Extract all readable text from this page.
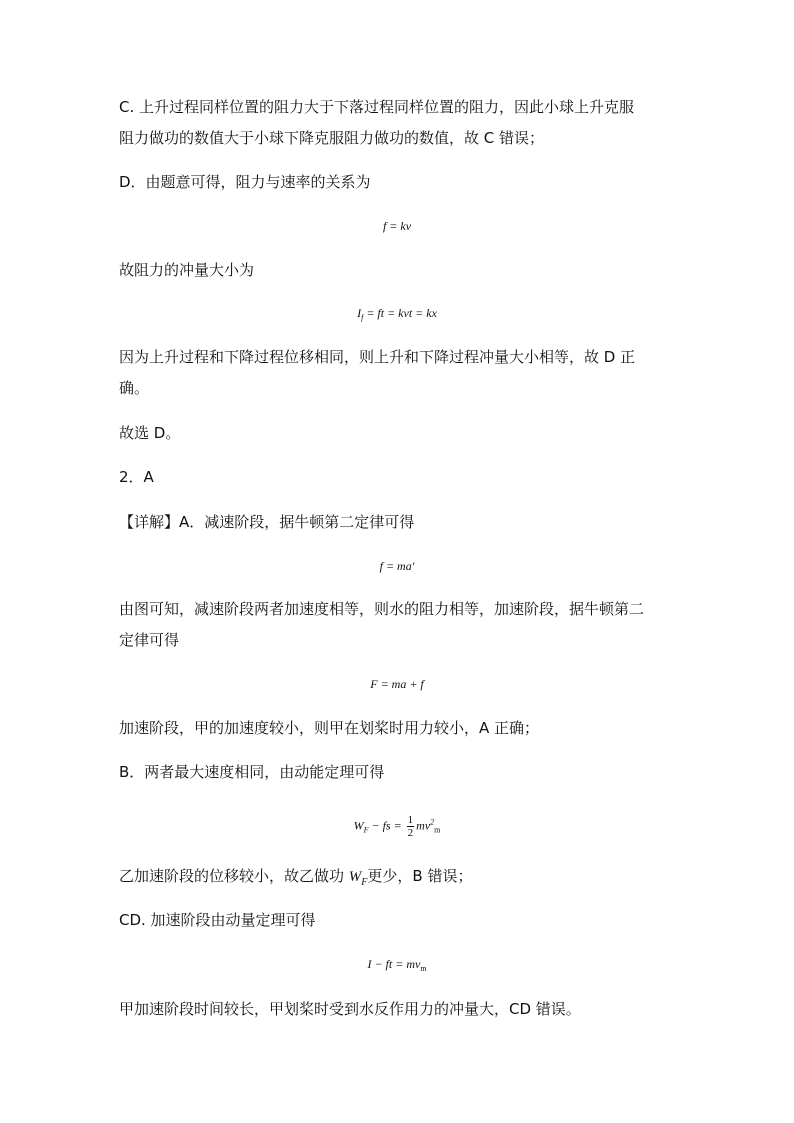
C. 上升过程同样位置的阻力大于下落过程同样位置的阻力，因此小球上升克服
阻力做功的数值大于小球下降克服阻力做功的数值，故 C 错误；
D．由题意可得，阻力与速率的关系为
f = kv
故阻力的冲量大小为
$I_f$ = ft = kvt = kx
因为上升过程和下降过程位移相同，则上升和下降过程冲量大小相等，故 D 正
确。
故选 D。
2．A
【详解】A．减速阶段，据牛顿第二定律可得
f = ma′
由图可知，减速阶段两者加速度相等，则水的阻力相等，加速阶段，据牛顿第二
定律可得
F = ma + f
加速阶段，甲的加速度较小，则甲在划桨时用力较小，A 正确；
B．两者最大速度相同，由动能定理可得
$W_F$ − fs = $\frac{1}{2} mv^2_m$
乙加速阶段的位移较小，故乙做功 $W_F$更少，B 错误；
CD. 加速阶段由动量定理可得
I − ft = $mv_m$
甲加速阶段时间较长，甲划桨时受到水反作用力的冲量大，CD 错误。
